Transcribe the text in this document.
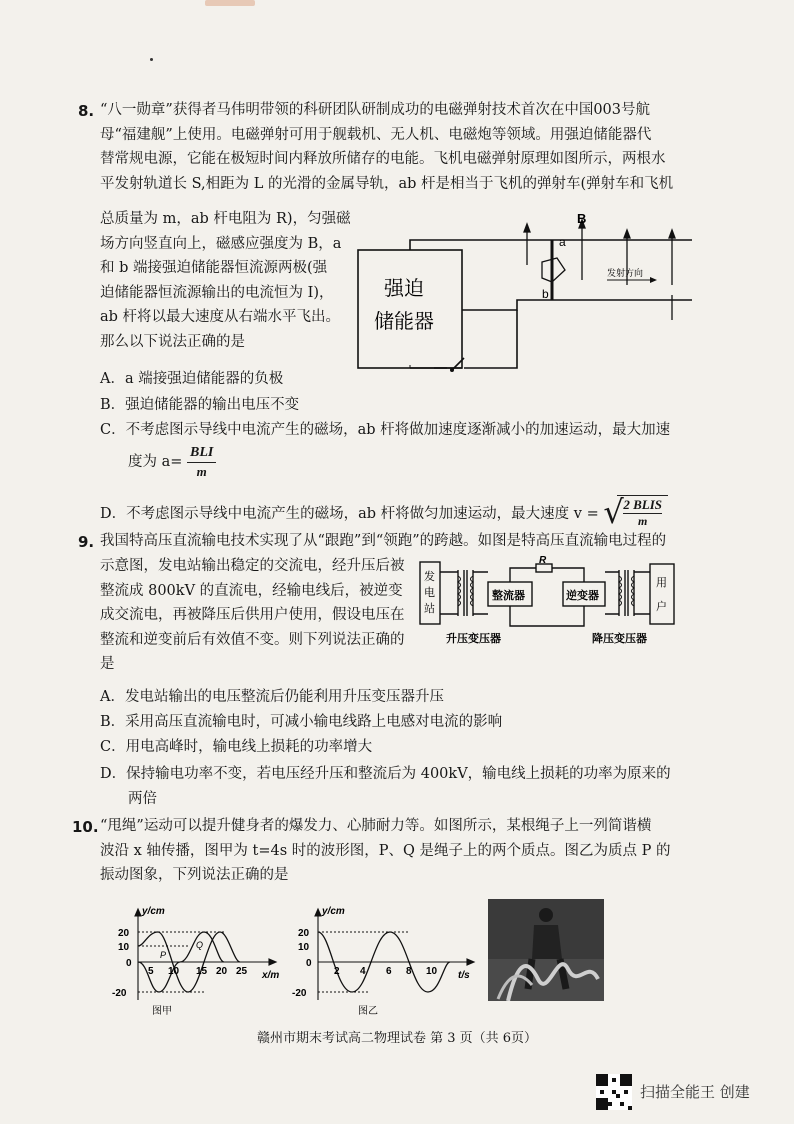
8. “八一勋章”获得者马伟明带领的科研团队研制成功的电磁弹射技术首次在中国003号航
母“福建舰”上使用。电磁弹射可用于舰载机、无人机、电磁炮等领域。用强迫储能器代
替常规电源，它能在极短时间内释放所储存的电能。飞机电磁弹射原理如图所示，两根水
平发射轨道长 S,相距为 L 的光滑的金属导轨，ab 杆是相当于飞机的弹射车(弹射车和飞机
总质量为 m，ab 杆电阻为 R)，匀强磁
场方向竖直向上，磁感应强度为 B，a
和 b 端接强迫储能器恒流源两极(强
迫储能器恒流源输出的电流恒为 I)，
ab 杆将以最大速度从右端水平飞出。
那么以下说法正确的是
强迫
储能器
B
a
b
发射方向
A．a 端接强迫储能器的负极
B．强迫储能器的输出电压不变
C．不考虑图示导线中电流产生的磁场，ab 杆将做加速度逐渐减小的加速运动，最大加速
度为 $a= \frac{\text{BLI}}{m}$
D．不考虑图示导线中电流产生的磁场，ab 杆将做匀加速运动，最大速度 v = √
$\frac{\text{2 BLIS}}{m}$
9. 我国特高压直流输电技术实现了从“跟跑”到“领跑”的跨越。如图是特高压直流输电过程的
示意图，发电站输出稳定的交流电，经升压后被
整流成 800kV 的直流电，经输电线后，被逆变
成交流电，再被降压后供用户使用，假设电压在
整流和逆变前后有效值不变。则下列说法正确的
是
发
电
站
整流器	逆变器
R
用
户
升压变压器	降压变压器
A．发电站输出的电压整流后仍能利用升压变压器升压
B．采用高压直流输电时，可减小输电线路上电感对电流的影响
C．用电高峰时，输电线上损耗的功率增大
D．保持输电功率不变，若电压经升压和整流后为 400kV，输电线上损耗的功率为原来的
两倍
10. “甩绳”运动可以提升健身者的爆发力、心肺耐力等。如图所示，某根绳子上一列简谐横
波沿 x 轴传播，图甲为 t=4s 时的波形图，P、Q 是绳子上的两个质点。图乙为质点 P 的
振动图象，下列说法正确的是
y/cm
x/m
20
10
0
-20
5 10 15 20 25
P
Q
图甲
y/cm
t/s
20
10
0
-20
2 4 6 8 10
图乙
赣州市期末考试高二物理试卷 第 3 页（共 6页）
扫描全能王 创建
